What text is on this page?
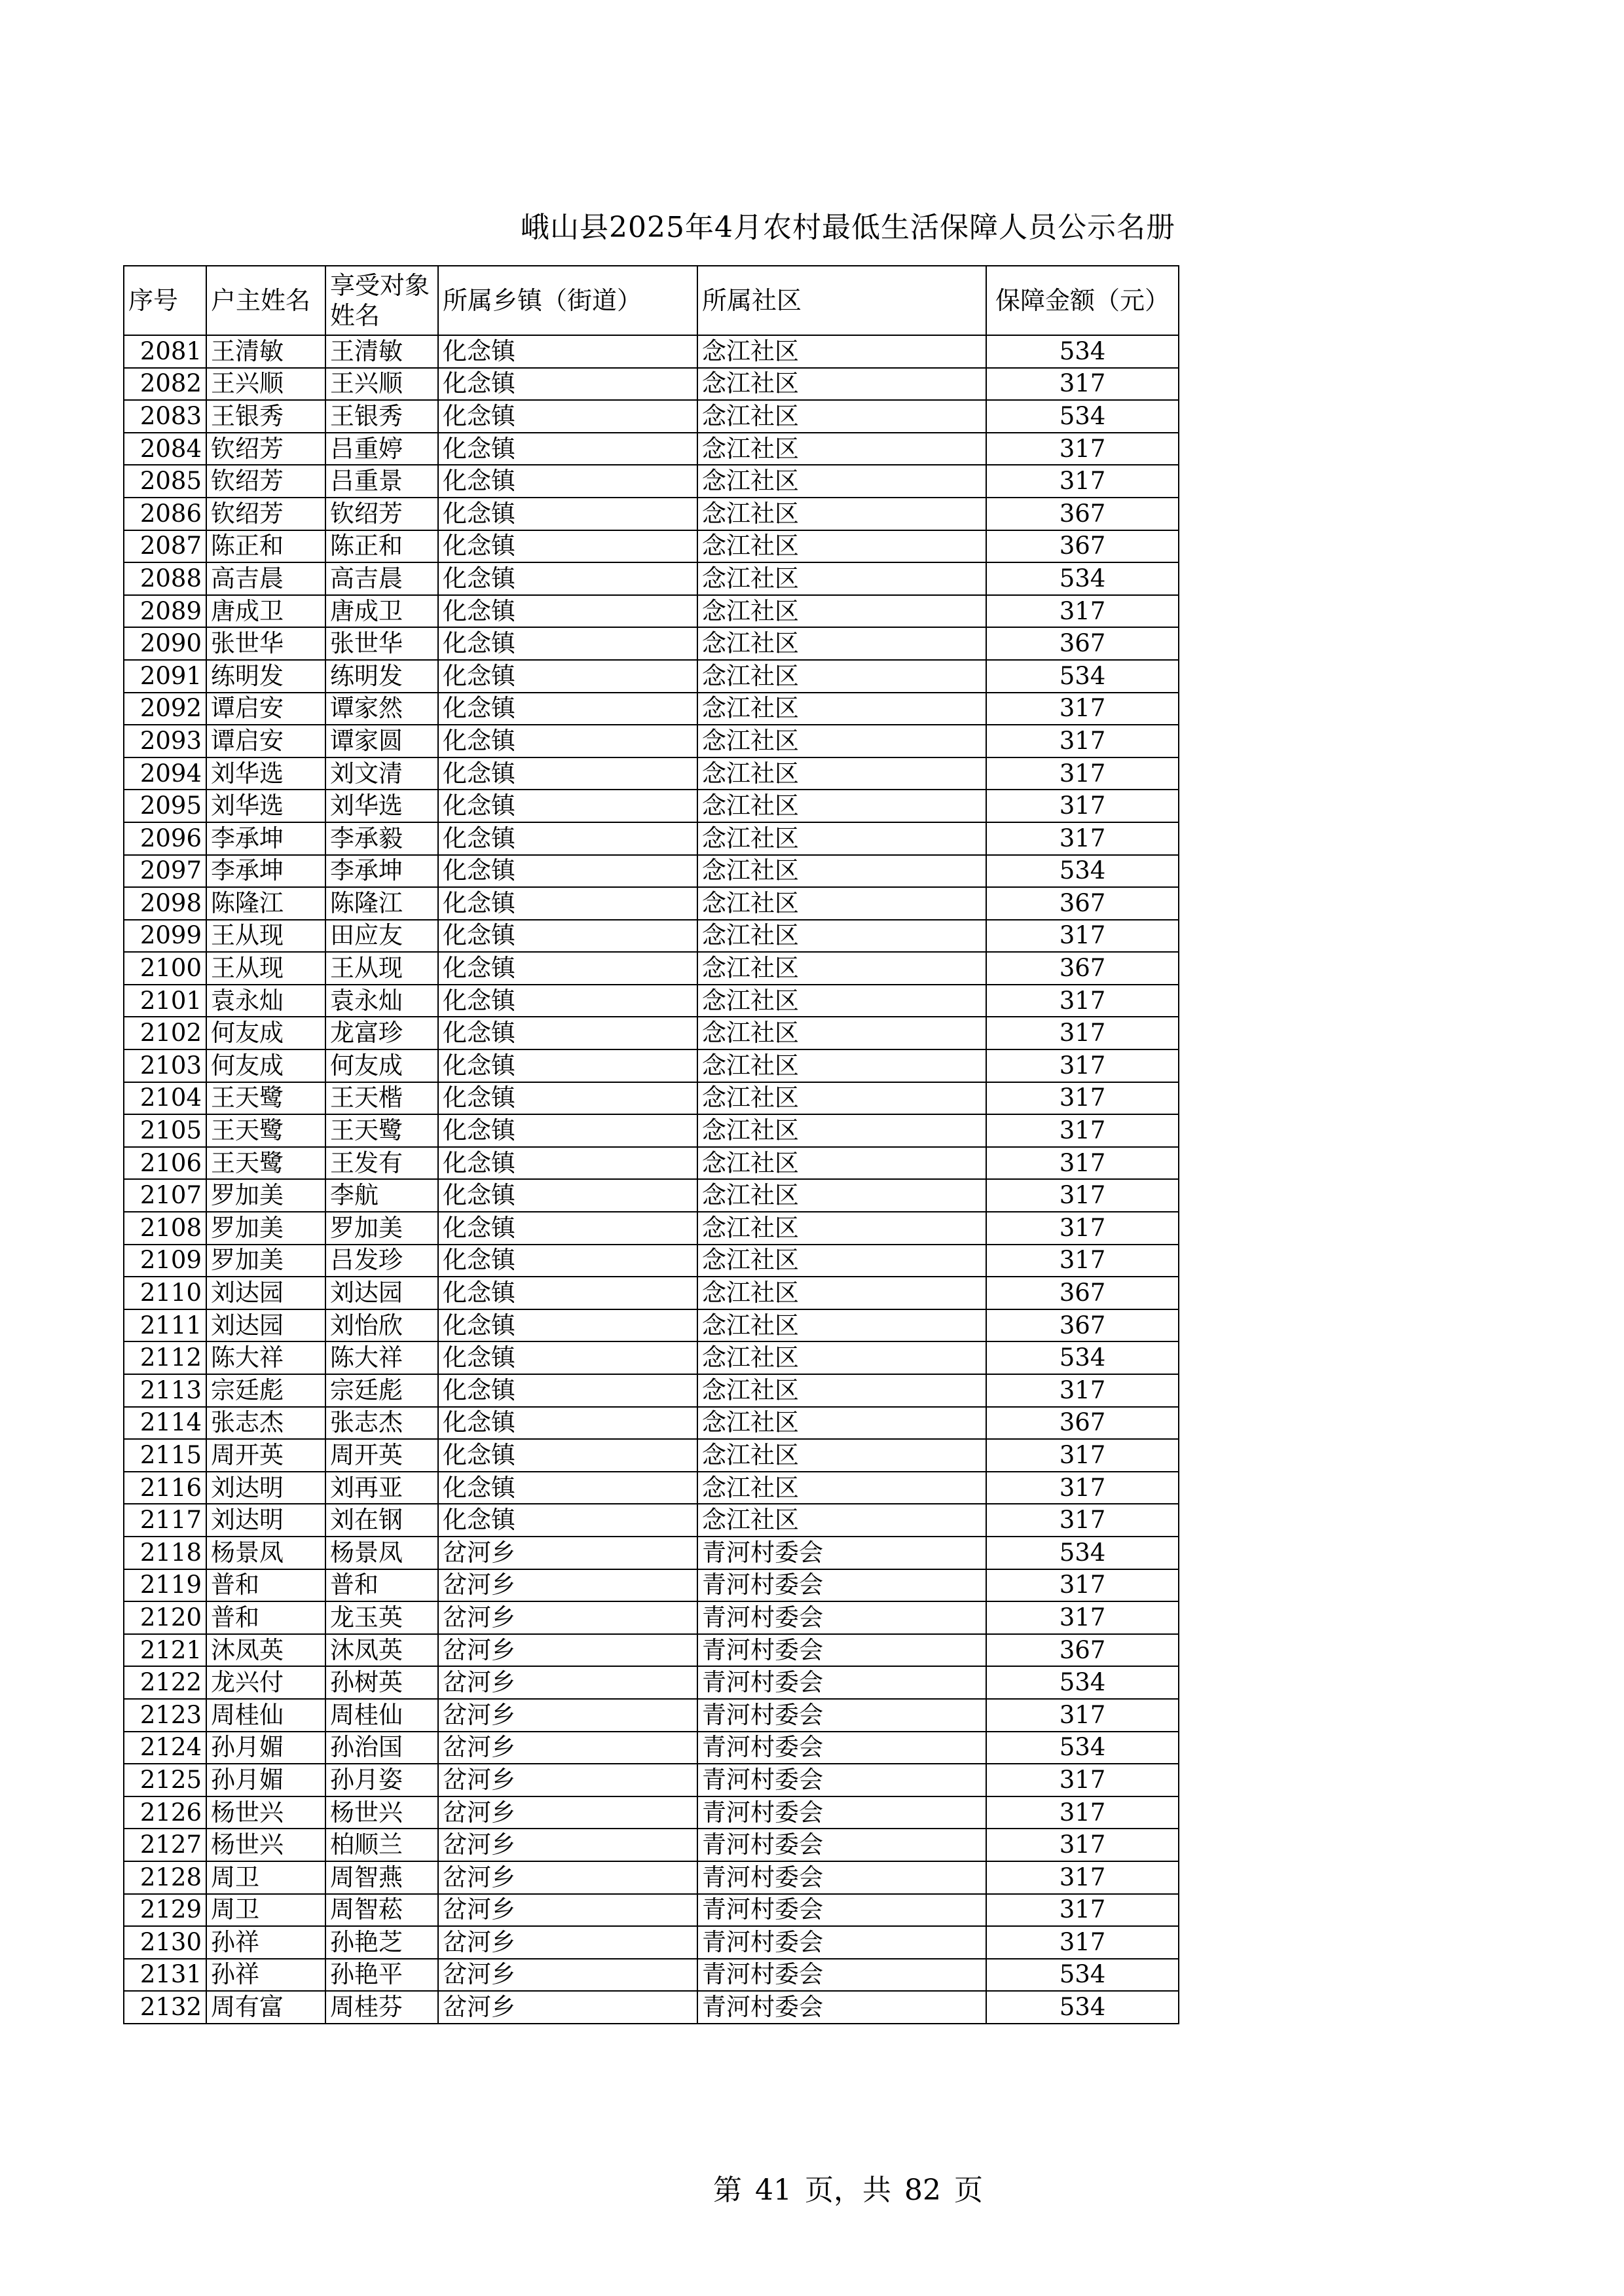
峨山县2025年4月农村最低生活保障人员公示名册
序号	户主姓名	享受对象姓名	所属乡镇（街道）	所属社区	保障金额（元）
2081	王清敏	王清敏	化念镇	念江社区	534
2082	王兴顺	王兴顺	化念镇	念江社区	317
2083	王银秀	王银秀	化念镇	念江社区	534
2084	钦绍芳	吕重婷	化念镇	念江社区	317
2085	钦绍芳	吕重景	化念镇	念江社区	317
2086	钦绍芳	钦绍芳	化念镇	念江社区	367
2087	陈正和	陈正和	化念镇	念江社区	367
2088	高吉晨	高吉晨	化念镇	念江社区	534
2089	唐成卫	唐成卫	化念镇	念江社区	317
2090	张世华	张世华	化念镇	念江社区	367
2091	练明发	练明发	化念镇	念江社区	534
2092	谭启安	谭家然	化念镇	念江社区	317
2093	谭启安	谭家圆	化念镇	念江社区	317
2094	刘华选	刘文清	化念镇	念江社区	317
2095	刘华选	刘华选	化念镇	念江社区	317
2096	李承坤	李承毅	化念镇	念江社区	317
2097	李承坤	李承坤	化念镇	念江社区	534
2098	陈隆江	陈隆江	化念镇	念江社区	367
2099	王从现	田应友	化念镇	念江社区	317
2100	王从现	王从现	化念镇	念江社区	367
2101	袁永灿	袁永灿	化念镇	念江社区	317
2102	何友成	龙富珍	化念镇	念江社区	317
2103	何友成	何友成	化念镇	念江社区	317
2104	王天鹭	王天楷	化念镇	念江社区	317
2105	王天鹭	王天鹭	化念镇	念江社区	317
2106	王天鹭	王发有	化念镇	念江社区	317
2107	罗加美	李航	化念镇	念江社区	317
2108	罗加美	罗加美	化念镇	念江社区	317
2109	罗加美	吕发珍	化念镇	念江社区	317
2110	刘达园	刘达园	化念镇	念江社区	367
2111	刘达园	刘怡欣	化念镇	念江社区	367
2112	陈大祥	陈大祥	化念镇	念江社区	534
2113	宗廷彪	宗廷彪	化念镇	念江社区	317
2114	张志杰	张志杰	化念镇	念江社区	367
2115	周开英	周开英	化念镇	念江社区	317
2116	刘达明	刘再亚	化念镇	念江社区	317
2117	刘达明	刘在钢	化念镇	念江社区	317
2118	杨景凤	杨景凤	岔河乡	青河村委会	534
2119	普和	普和	岔河乡	青河村委会	317
2120	普和	龙玉英	岔河乡	青河村委会	317
2121	沐凤英	沐凤英	岔河乡	青河村委会	367
2122	龙兴付	孙树英	岔河乡	青河村委会	534
2123	周桂仙	周桂仙	岔河乡	青河村委会	317
2124	孙月媚	孙治国	岔河乡	青河村委会	534
2125	孙月媚	孙月姿	岔河乡	青河村委会	317
2126	杨世兴	杨世兴	岔河乡	青河村委会	317
2127	杨世兴	柏顺兰	岔河乡	青河村委会	317
2128	周卫	周智燕	岔河乡	青河村委会	317
2129	周卫	周智菘	岔河乡	青河村委会	317
2130	孙祥	孙艳芝	岔河乡	青河村委会	317
2131	孙祥	孙艳平	岔河乡	青河村委会	534
2132	周有富	周桂芬	岔河乡	青河村委会	534
第 41 页，共 82 页
